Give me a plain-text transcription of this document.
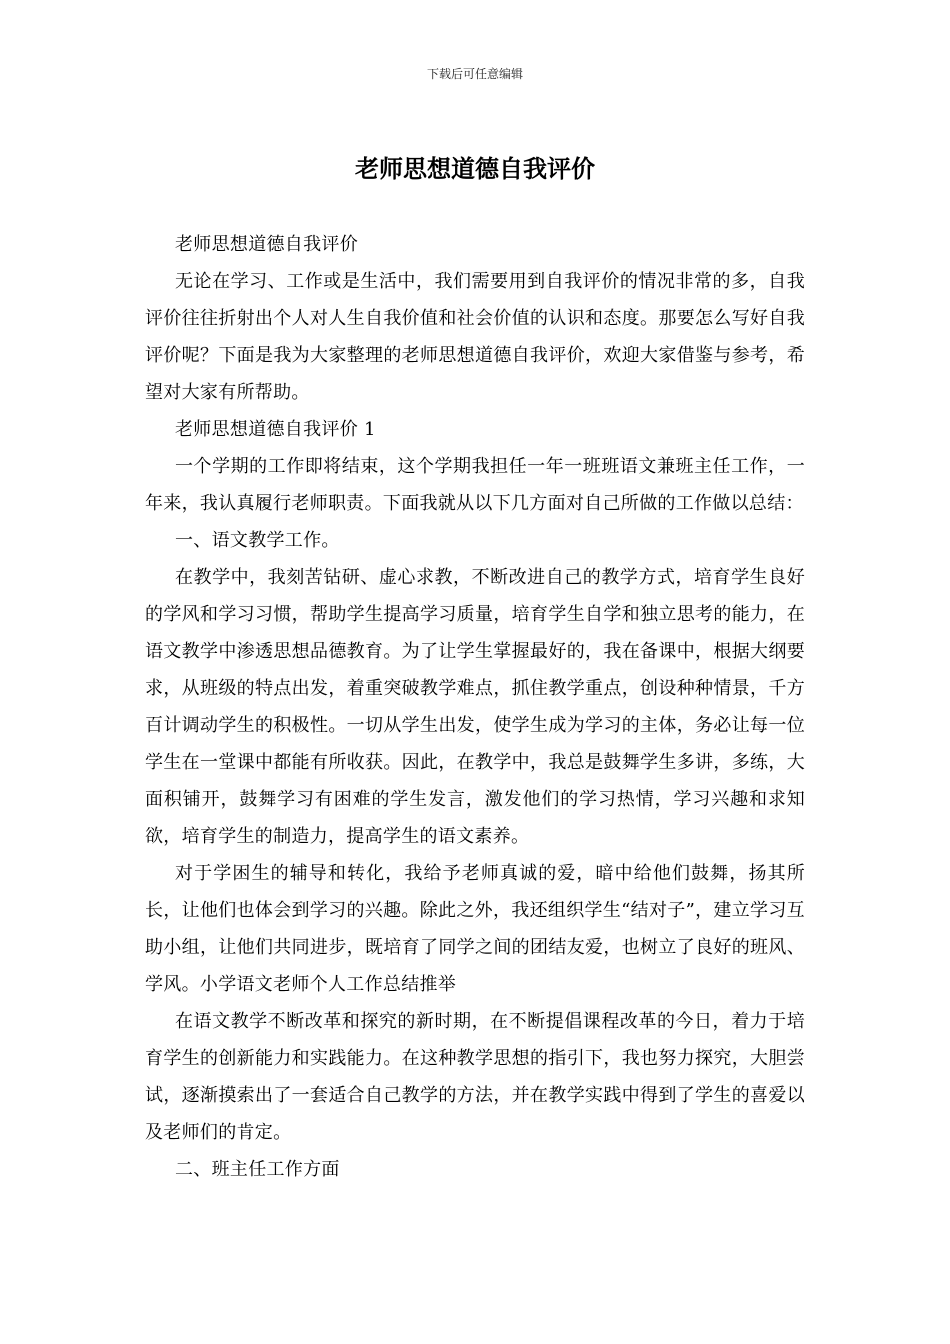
下载后可任意编辑
老师思想道德自我评价

老师思想道德自我评价

无论在学习、工作或是生活中，我们需要用到自我评价的情况非常的多，自我评价往往折射出个人对人生自我价值和社会价值的认识和态度。那要怎么写好自我评价呢？下面是我为大家整理的老师思想道德自我评价，欢迎大家借鉴与参考，希望对大家有所帮助。

老师思想道德自我评价 1

一个学期的工作即将结束，这个学期我担任一年一班班语文兼班主任工作，一年来，我认真履行老师职责。下面我就从以下几方面对自己所做的工作做以总结：

一、语文教学工作。

在教学中，我刻苦钻研、虚心求教，不断改进自己的教学方式，培育学生良好的学风和学习习惯，帮助学生提高学习质量，培育学生自学和独立思考的能力，在语文教学中渗透思想品德教育。为了让学生掌握最好的，我在备课中，根据大纲要求，从班级的特点出发，着重突破教学难点，抓住教学重点，创设种种情景，千方百计调动学生的积极性。一切从学生出发，使学生成为学习的主体，务必让每一位学生在一堂课中都能有所收获。因此，在教学中，我总是鼓舞学生多讲，多练，大面积铺开，鼓舞学习有困难的学生发言，激发他们的学习热情，学习兴趣和求知欲，培育学生的制造力，提高学生的语文素养。

对于学困生的辅导和转化，我给予老师真诚的爱，暗中给他们鼓舞，扬其所长，让他们也体会到学习的兴趣。除此之外，我还组织学生“结对子”，建立学习互助小组，让他们共同进步，既培育了同学之间的团结友爱，也树立了良好的班风、学风。小学语文老师个人工作总结推举

在语文教学不断改革和探究的新时期，在不断提倡课程改革的今日，着力于培育学生的创新能力和实践能力。在这种教学思想的指引下，我也努力探究，大胆尝试，逐渐摸索出了一套适合自己教学的方法，并在教学实践中得到了学生的喜爱以及老师们的肯定。

二、班主任工作方面
